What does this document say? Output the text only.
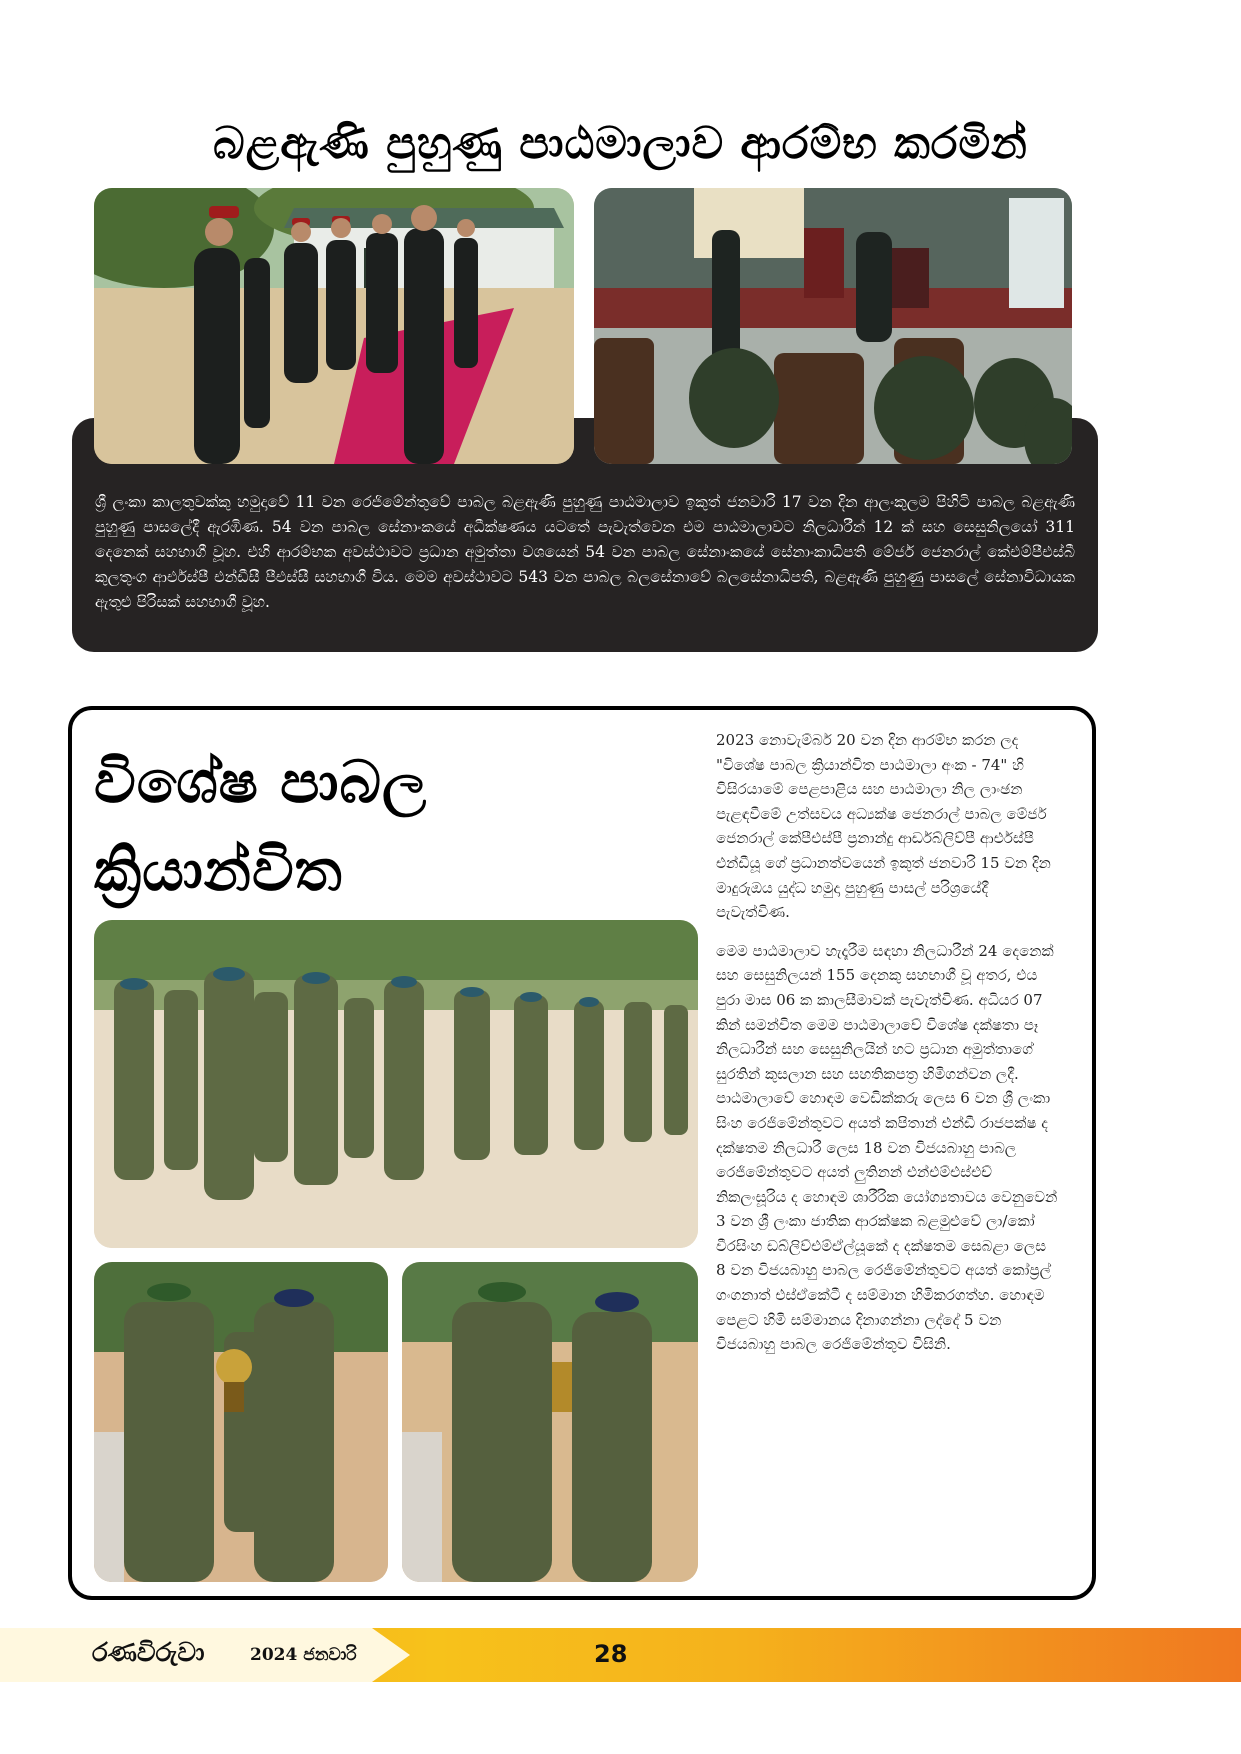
බළඇණි පුහුණු පාඨමාලාව ආරම්භ කරමින්
ශ්‍රී ලංකා කාලතුවක්කු හමුදාවේ 11 වන රෙජිමේන්තුවේ පාබල බළඇණි පුහුණු පාඨමාලාව ඉකුත් ජනවාරි 17 වන දින ආලංකුලම පිහිටි පාබල බළඇණි පුහුණු පාසලේදී ඇරඹිණ. 54 වන පාබල සේනාංකයේ අධීක්ෂණය යටතේ පැවැත්වෙන එම පාඨමාලාවට නිලධාරීන් 12 ක් සහ සෙසුනිලයෝ 311 දෙනෙක් සහභාගී වූහ. එහි ආරම්භක අවස්ථාවට ප්‍රධාන අමුත්තා වශයෙන් 54 වන පාබල සේනාංකයේ සේනාංකාධිපති මේජර් ජෙනරාල් කේඑම්පීඑස්බී කුලතුංග ආර්එස්පී එන්ඩීසී පීඑස්සී සහභාගී විය. මෙම අවස්ථාවට 543 වන පාබල බලසේනාවේ බලසේනාධිපති, බළඇණි පුහුණු පාසලේ සේනාවිධායක ඇතුළු පිරිසක් සහභාගී වූහ.
විශේෂ පාබල ක්‍රියාන්විත

2023 නොවැම්බර් 20 වන දින ආරම්භ කරන ලද "විශේෂ පාබල ක්‍රියාන්විත පාඨමාලා අංක - 74" හි විසිරයාමේ පෙළපාළිය සහ පාඨමාලා නිල ලාංඡන පැළඳවීමේ උත්සවය අධ්‍යක්ෂ ජෙනරාල් පාබල මේජර් ජෙනරාල් කේපීඑස්පී ප්‍රනාන්දු ආර්ඩබ්ලිව්පී ආර්එස්පී එන්ඩීයූ ගේ ප්‍රධානත්වයෙන් ඉකුත් ජනවාරි 15 වන දින මාදුරුඔය යුද්ධ හමුදා පුහුණු පාසල් පරිශ්‍රයේදී පැවැත්විණ.

මෙම පාඨමාලාව හැදෑරීම සඳහා නිලධාරීන් 24 දෙනෙක් සහ සෙසුනිලයන් 155 දෙනකු සහභාගී වූ අතර, එය පුරා මාස 06 ක කාලසීමාවක් පැවැත්විණ. අධියර 07 කින් සමන්විත මෙම පාඨමාලාවේ විශේෂ දක්ෂතා පෑ නිලධාරීන් සහ සෙසුනිලයින් හට ප්‍රධාන අමුත්තාගේ සුරතින් කුසලාන සහ සහතිකපත්‍ර හිමිගන්වන ලදී. පාඨමාලාවේ හොඳම වෙඩික්කරු ලෙස 6 වන ශ්‍රී ලංකා සිංහ රෙජිමේන්තුවට අයත් කපිතාන් එන්ඩී රාජපක්ෂ ද දක්ෂතම නිලධාරී ලෙස 18 වන විජයබාහු පාබල රෙජිමේන්තුවට අයත් ලුතිනන් එන්එම්එස්එච් නිකලංසූරිය ද හොඳම ශාරීරික යෝග්‍යතාවය වෙනුවෙන් 3 වන ශ්‍රී ලංකා ජාතික ආරක්ෂක බළමුළුවේ ලා/කෝ වීරසිංහ ඩබ්ලිව්එම්ඒල්යූකේ ද දක්ෂතම සෙබළා ලෙස 8 වන විජයබාහු පාබල රෙජිමේන්තුවට අයත් කෝප්‍රල් ගංගනාත් එස්ඒකේටී ද සම්මාන හිමිකරගත්හ. හොඳම පෙළට හිමි සම්මානය දිනාගන්නා ලද්දේ 5 වන විජයබාහු පාබල රෙජිමේන්තුව විසිනි.

රණවිරුවා	2024 ජනවාරි	28
